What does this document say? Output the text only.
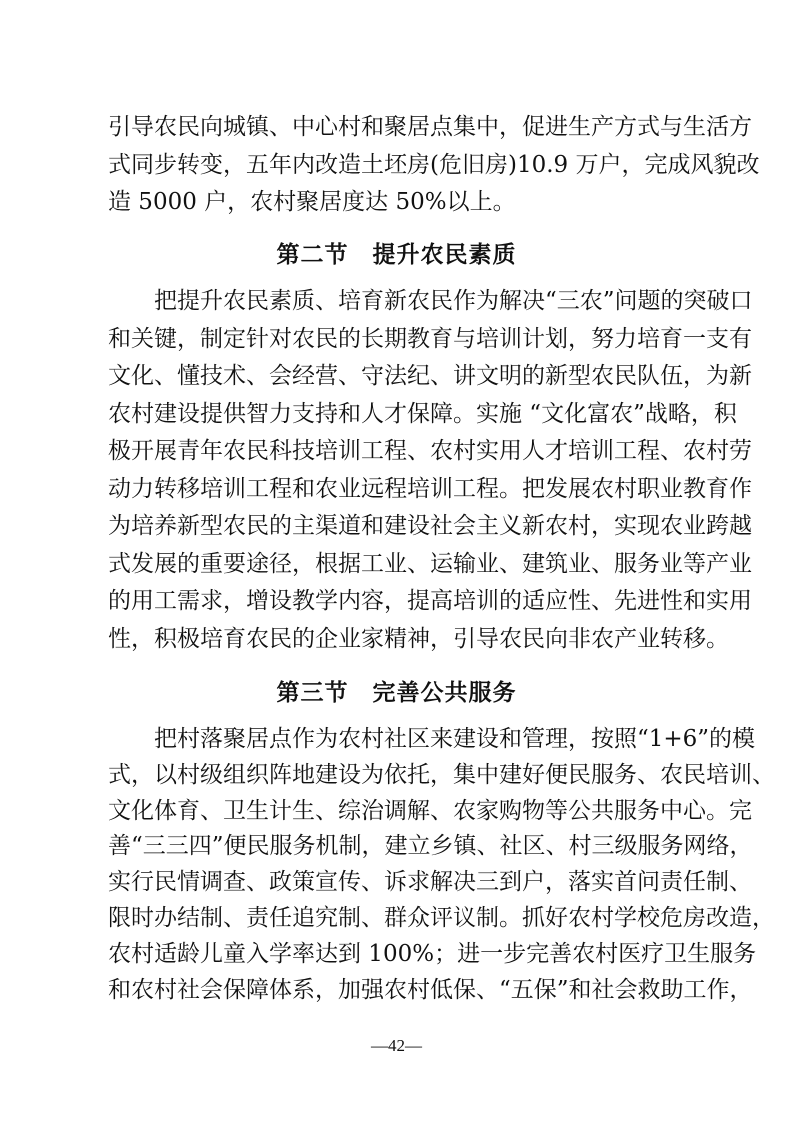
引导农民向城镇、中心村和聚居点集中，促进生产方式与生活方
式同步转变，五年内改造土坯房(危旧房)10.9 万户，完成风貌改
造 5000 户，农村聚居度达 50%以上。
第二节 提升农民素质
把提升农民素质、培育新农民作为解决“三农”问题的突破口
和关键，制定针对农民的长期教育与培训计划，努力培育一支有
文化、懂技术、会经营、守法纪、讲文明的新型农民队伍，为新
农村建设提供智力支持和人才保障。实施 “文化富农”战略，积
极开展青年农民科技培训工程、农村实用人才培训工程、农村劳
动力转移培训工程和农业远程培训工程。把发展农村职业教育作
为培养新型农民的主渠道和建设社会主义新农村，实现农业跨越
式发展的重要途径，根据工业、运输业、建筑业、服务业等产业
的用工需求，增设教学内容，提高培训的适应性、先进性和实用
性，积极培育农民的企业家精神，引导农民向非农产业转移。
第三节 完善公共服务
把村落聚居点作为农村社区来建设和管理，按照“1+6”的模
式，以村级组织阵地建设为依托，集中建好便民服务、农民培训、
文化体育、卫生计生、综治调解、农家购物等公共服务中心。完
善“三三四”便民服务机制，建立乡镇、社区、村三级服务网络，
实行民情调查、政策宣传、诉求解决三到户，落实首问责任制、
限时办结制、责任追究制、群众评议制。抓好农村学校危房改造，
农村适龄儿童入学率达到 100%；进一步完善农村医疗卫生服务
和农村社会保障体系，加强农村低保、“五保”和社会救助工作，
—42—
